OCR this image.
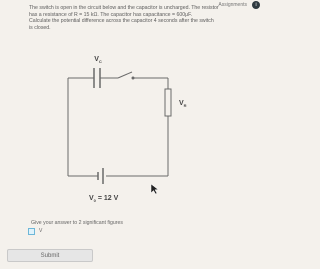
Assignments	i

The switch is open in the circuit below and the capacitor is uncharged. The resistor

has a resistance of R = 15 kΩ. The capacitor has capacitance = 600μF.

Calculate the potential difference across the capacitor 4 seconds after the switch

is closed.

$V_C$
$V_R$
$V_0 = 12$ V
Give your answer to 2 significant figures
V
Submit
